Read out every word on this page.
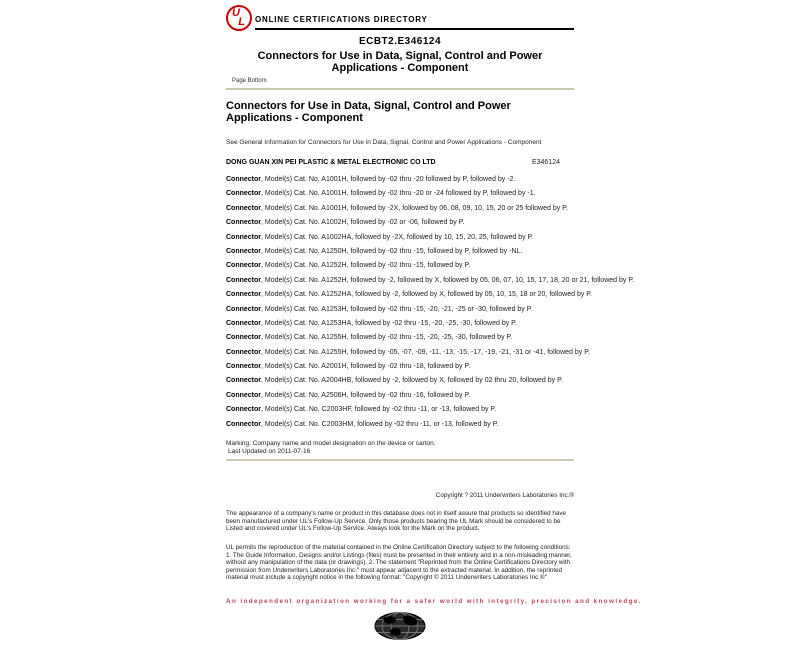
U
L ONLINE CERTIFICATIONS DIRECTORY
ECBT2.E346124
Connectors for Use in Data, Signal, Control and Power Applications - Component
Page Bottom
Connectors for Use in Data, Signal, Control and Power Applications - Component
See General Information for Connectors for Use in Data, Signal, Control and Power Applications - Component
DONG GUAN XIN PEI PLASTIC & METAL ELECTRONIC CO LTD	E346124
Connector, Model(s) Cat. No. A1001H, followed by -02 thru -20 followed by P, followed by -2.
Connector, Model(s) Cat. No. A1001H, followed by -02 thru -20 or -24 followed by P, followed by -1.
Connector, Model(s) Cat. No. A1001H, followed by -2X, followed by 06, 08, 09, 10, 15, 20 or 25 followed by P.
Connector, Model(s) Cat. No. A1002H, followed by -02 or -06, followed by P.
Connector, Model(s) Cat. No. A1002HA, followed by -2X, followed by 10, 15, 20, 25, followed by P.
Connector, Model(s) Cat. No. A1250H, followed by -02 thru -15, followed by P, followed by -NL.
Connector, Model(s) Cat. No. A1252H, followed by -02 thru -15, followed by P.
Connector, Model(s) Cat. No. A1252H, followed by -2, followed by X, followed by 05, 06, 07, 10, 15, 17, 18, 20 or 21, followed by P.
Connector, Model(s) Cat. No. A1252HA, followed by -2, followed by X, followed by 05, 10, 15, 18 or 20, followed by P.
Connector, Model(s) Cat. No. A1253H, followed by -02 thru -15, -20, -21, -25 or -30, followed by P.
Connector, Model(s) Cat. No. A1253HA, followed by -02 thru -15, -20, -25, -30, followed by P.
Connector, Model(s) Cat. No. A1255H, followed by -02 thru -15, -20, -25, -30, followed by P.
Connector, Model(s) Cat. No. A1255H, followed by -05, -07, -09, -11, -13, -15, -17, -19, -21, -31 or -41, followed by P.
Connector, Model(s) Cat. No. A2001H, followed by -02 thru -18, followed by P.
Connector, Model(s) Cat. No. A2004HB, followed by -2, followed by X, followed by 02 thru 20, followed by P.
Connector, Model(s) Cat. No. A2506H, followed by -02 thru -16, followed by P.
Connector, Model(s) Cat. No. C2003HF, followed by -02 thru -11, or -13, followed by P.
Connector, Model(s) Cat. No. C2003HM, followed by -02 thru -11, or -13, followed by P.
Marking: Company name and model designation on the device or carton.
Last Updated on 2011-07-16
Copyright ? 2011 Underwriters Laboratories Inc.®
The appearance of a company's name or product in this database does not in itself assure that products so identified have been manufactured under UL's Follow-Up Service. Only those products bearing the UL Mark should be considered to be Listed and covered under UL's Follow-Up Service. Always look for the Mark on the product.
UL permits the reproduction of the material contained in the Online Certification Directory subject to the following conditions: 1. The Guide Information, Designs and/or Listings (files) must be presented in their entirety and in a non-misleading manner, without any manipulation of the data (or drawings). 2. The statement "Reprinted from the Online Certifications Directory with permission from Underwriters Laboratories Inc." must appear adjacent to the extracted material. In addition, the reprinted material must include a copyright notice in the following format: "Copyright © 2011 Underwriters Laboratories Inc.®"
An independent organization working for a safer world with integrity, precision and knowledge.
